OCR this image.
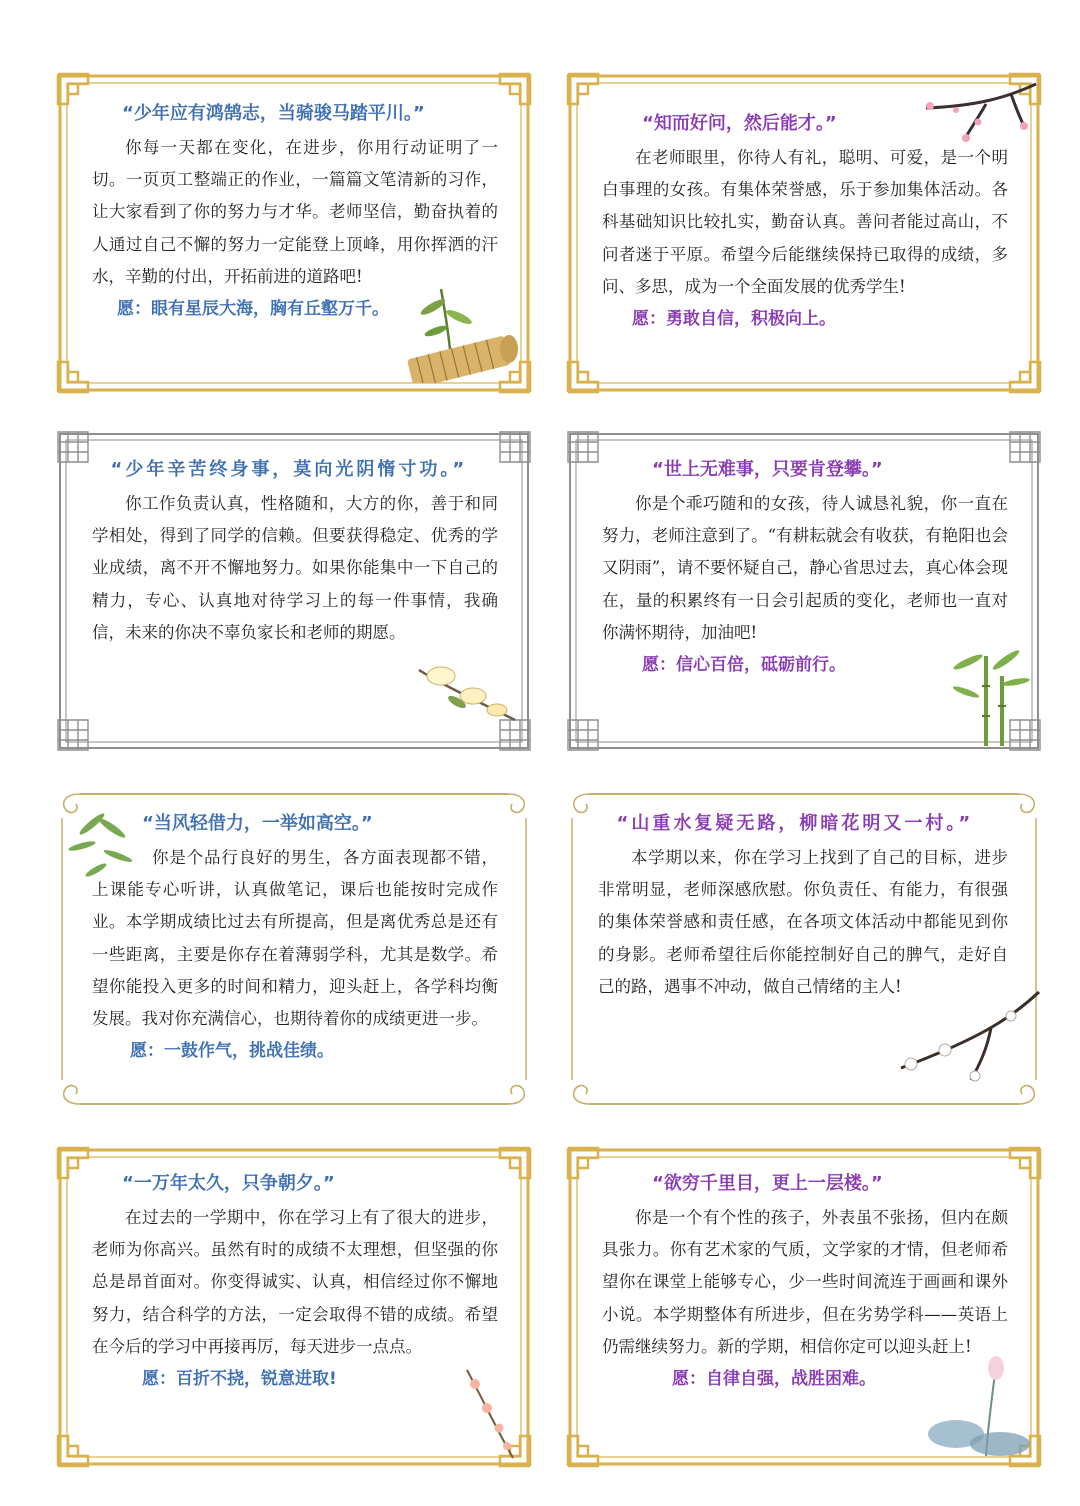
“少年应有鸿鹄志，当骑骏马踏平川。”

你每一天都在变化，在进步，你用行动证明了一切。一页页工整端正的作业，一篇篇文笔清新的习作，让大家看到了你的努力与才华。老师坚信，勤奋执着的人通过自己不懈的努力一定能登上顶峰，用你挥洒的汗水，辛勤的付出，开拓前进的道路吧!

愿：眼有星辰大海，胸有丘壑万千。

“知而好问，然后能才。”

在老师眼里，你待人有礼，聪明、可爱，是一个明白事理的女孩。有集体荣誉感，乐于参加集体活动。各科基础知识比较扎实，勤奋认真。善问者能过高山，不问者迷于平原。希望今后能继续保持已取得的成绩，多问、多思，成为一个全面发展的优秀学生!

愿：勇敢自信，积极向上。

“少年辛苦终身事，莫向光阴惰寸功。”

你工作负责认真，性格随和，大方的你，善于和同学相处，得到了同学的信赖。但要获得稳定、优秀的学业成绩，离不开不懈地努力。如果你能集中一下自己的精力，专心、认真地对待学习上的每一件事情，我确信，未来的你决不辜负家长和老师的期愿。

“世上无难事，只要肯登攀。”

你是个乖巧随和的女孩，待人诚恳礼貌，你一直在努力，老师注意到了。“有耕耘就会有收获，有艳阳也会又阴雨”，请不要怀疑自己，静心省思过去，真心体会现在，量的积累终有一日会引起质的变化，老师也一直对你满怀期待，加油吧!

愿：信心百倍，砥砺前行。

“当风轻借力，一举如高空。”

你是个品行良好的男生，各方面表现都不错，上课能专心听讲，认真做笔记，课后也能按时完成作业。本学期成绩比过去有所提高，但是离优秀总是还有一些距离，主要是你存在着薄弱学科，尤其是数学。希望你能投入更多的时间和精力，迎头赶上，各学科均衡发展。我对你充满信心，也期待着你的成绩更进一步。

愿：一鼓作气，挑战佳绩。

“山重水复疑无路，柳暗花明又一村。”

本学期以来，你在学习上找到了自己的目标，进步非常明显，老师深感欣慰。你负责任、有能力，有很强的集体荣誉感和责任感，在各项文体活动中都能见到你的身影。老师希望往后你能控制好自己的脾气，走好自己的路，遇事不冲动，做自己情绪的主人!

“一万年太久，只争朝夕。”

在过去的一学期中，你在学习上有了很大的进步，老师为你高兴。虽然有时的成绩不太理想，但坚强的你总是昂首面对。你变得诚实、认真，相信经过你不懈地努力，结合科学的方法，一定会取得不错的成绩。希望在今后的学习中再接再厉，每天进步一点点。

愿：百折不挠，锐意进取!

“欲穷千里目，更上一层楼。”

你是一个有个性的孩子，外表虽不张扬，但内在颇具张力。你有艺术家的气质，文学家的才情，但老师希望你在课堂上能够专心，少一些时间流连于画画和课外小说。本学期整体有所进步，但在劣势学科——英语上仍需继续努力。新的学期，相信你定可以迎头赶上!

愿：自律自强，战胜困难。
